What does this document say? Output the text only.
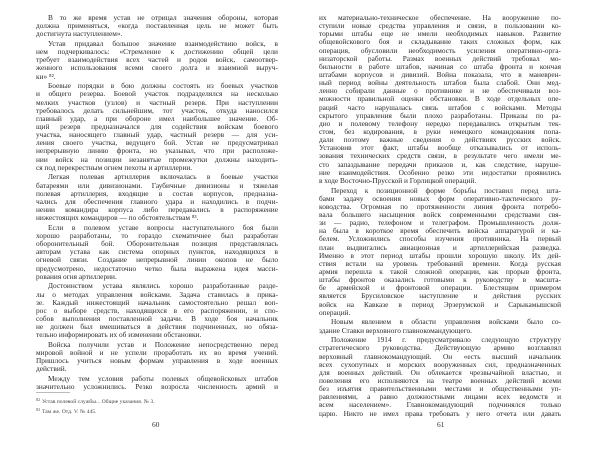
В то же время устав не отрицал значения обороны, которая
должна применяться, «когда поставленная цель не может быть
достигнута наступлением».
Устав придавал большое значение взаимодействию войск, в
нем подчеркивалось: «Стремление к достижению общей цели
требует взаимодействия всех частей и родов войск, самоотвер-
женного использования всеми своего долга и взаимной выруч-
ки» ⁸².
Боевые порядки в бою должны состоять из боевых участков
и общего резерва. Боевой участок подразделялся на несколько
мелких участков (узлов) и частный резерв. При наступлении
требовалось делать сильнейшим, тот участок, откуда наносился
главный удар, а при обороне имел наибольшее значение. Об-
щий резерв предназначался для содействия войскам боевого
участка, наносящего главный удар, частный резерв — для уси-
ления своего участка, ведущего бой. Устав не предусматривал
непрерывную линию фронта, но указывал, что при расположе-
нии войск на позиции незанятые промежутки должны находить-
ся под перекрестным огнем пехоты и артиллерии.
Легкая полевая артиллерия включалась в боевые участки
батареями или дивизионами. Гаубичные дивизионы и тяжелая
полевая артиллерия, входящие в состав корпусов, предназна-
чались для обеспечения главного удара и находились в подчи-
нении командира корпуса либо передавались в распоряжение
нижестоящих командиров — по обстоятельствам ⁸³.
Если в полевом уставе вопросы наступательного боя были
хорошо разработаны, то гораздо схематичнее был разработан
оборонительный бой. Оборонительная позиция представлялась
авторам устава как система опорных пунктов, находящихся в
огневой связи. Создание непрерывной линии окопов не было
предусмотрено, недостаточно четко была выражена идея масси-
рования огня артиллерии.
Достоинством устава являлись хорошо разработанные разде-
лы о методах управления войсками. Задача ставилась в прика-
зе. Каждый нижестоящий начальник самостоятельно решал воп-
рос о выборе средств, находящихся в его распоряжении, и спо-
собов выполнения поставленной задачи. В ходе боя начальник
не должен был вмешиваться в действия подчиненных, но обяза-
тельно информировать их об изменении обстановки.
Войска получили устав и Положение непосредственно перед
мировой войной и не успели проработать их во время учений.
Пришлось учиться новым формам управления в ходе военных
действий.
Между тем условия работы полевых общевойсковых штабов
значительно усложнились. Резко возросла численность армий и
$^{82}$ Устав полевой службы... Общие указания. № 3.
$^{83}$ Там же. Отд. V. № 445.
60
их материально-техническое обеспечение. На вооружение по-
ступили новые средства управления и связи, в пользовании ко-
торыми штабы еще не имели необходимых навыков. Развитие
общевойскового боя и складывание таких сложных форм, как
операция, обусловили необходимость усиления оперативно-орга-
низаторской работы. Размах военных действий требовал мо-
бильности в работе штабов, начиная со штаба фронта и кончая
штабами корпусов и дивизий. Война показала, что в маневрен-
ный период войны деятельность штабов была слабой. Они мед-
ленно собирали данные о противнике и не обеспечивали воз-
можности правильной оценки обстановки. В ходе отдельных опе-
раций часто нарушалась связь штабов с войсками. Методы
скрытого управления были плохо разработаны. Приказы по ра-
дио и полевому телефону нередко передавались открытым тек-
стом, без кодирования, в руки немецкого командования попа-
дали поэтому важные сведения о действиях русских войск.
Установив этот факт, штабы вообще отказывались от исполь-
зования технических средств связи, в результате чего имели ме-
сто запаздывание передачи приказов и, как следствие, наруше-
ние взаимодействия. Особенно резко эти недостатки проявились
в ходе Восточно-Прусской и Горлицкой операций.
Переход к позиционной форме борьбы поставил перед шта-
бами задачу освоения новых форм оперативно-тактического ру-
ководства. Огромная по протяженности линия фронта потребо-
вала большего насыщения войск современными средствами свя-
зи — радио, телефоном и телеграфом. Промышленность долж-
на была в короткое время обеспечить войска аппаратурой и ка-
белем. Усложнились способы изучения противника. На первый
план выдвигались авиационная и артиллерийская разведка.
Именно в этот период штабы прошли хорошую школу. Их дей-
ствия встали на уровень требований времени. Когда русская
армия перешла к такой сложной операции, как прорыв фронта,
штабы фронтов оказались готовыми к руководству в масшта-
бе армейской и фронтовой операции. Блестящим примером
является Брусиловское наступление и действия русских
войск на Кавказе в период Эрзерумской и Сарыкамышской
операций.
Новым явлением в области управления войсками было со-
здание Ставки верховного главнокомандующего.
Положение 1914 г. предусматривало следующую структуру
стратегического руководства. Действующую армию возглавлял
верховный главнокомандующий. Он «есть высший начальник
всех сухопутных и морских вооруженных сил, предназначенных
для военных действий. Он облекается чрезвычайной властью, и
повеления его исполняются на театре военных действий всеми
без изъятия правительственными местами и общественными уп-
равлениями, а равно должностными лицами всех ведомств и
всем населением». Главнокомандующий подчинялся только
царю. Никто не имел права требовать у него отчета или давать
61
